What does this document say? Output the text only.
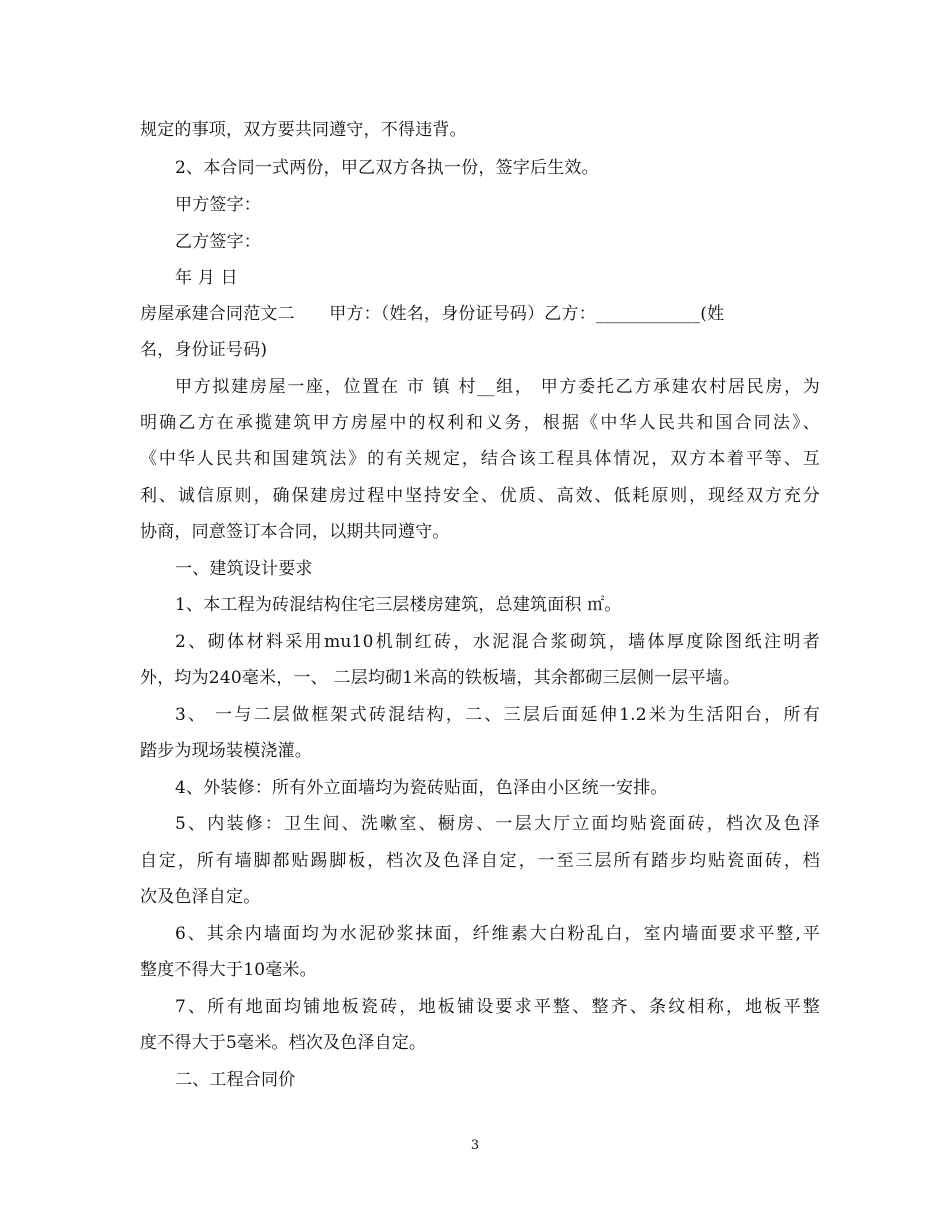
规定的事项，双方要共同遵守，不得违背。
2、本合同一式两份，甲乙双方各执一份，签字后生效。
甲方签字：
乙方签字：
年 月 日
房屋承建合同范文二　　甲方：（姓名，身份证号码）乙方：____________(姓
名，身份证号码)
甲方拟建房屋一座，位置在 市 镇 村__组， 甲方委托乙方承建农村居民房，为
明确乙方在承揽建筑甲方房屋中的权利和义务，根据《中华人民共和国合同法》、
《中华人民共和国建筑法》的有关规定，结合该工程具体情况，双方本着平等、互
利、诚信原则，确保建房过程中坚持安全、优质、高效、低耗原则，现经双方充分
协商，同意签订本合同，以期共同遵守。
一、建筑设计要求
1、本工程为砖混结构住宅三层楼房建筑，总建筑面积 ㎡。
2、砌体材料采用mu10机制红砖，水泥混合浆砌筑，墙体厚度除图纸注明者
外，均为240毫米，一、 二层均砌1米高的铁板墙，其余都砌三层侧一层平墙。
3、 一与二层做框架式砖混结构，二、三层后面延伸1.2米为生活阳台，所有
踏步为现场装模浇灌。
4、外装修：所有外立面墙均为瓷砖贴面，色泽由小区统一安排。
5、内装修：卫生间、洗嗽室、橱房、一层大厅立面均贴瓷面砖，档次及色泽
自定，所有墙脚都贴踢脚板，档次及色泽自定，一至三层所有踏步均贴瓷面砖，档
次及色泽自定。
6、其余内墙面均为水泥砂浆抹面，纤维素大白粉乱白，室内墙面要求平整,平
整度不得大于10毫米。
7、所有地面均铺地板瓷砖，地板铺设要求平整、整齐、条纹相称，地板平整
度不得大于5毫米。档次及色泽自定。
二、工程合同价
3
